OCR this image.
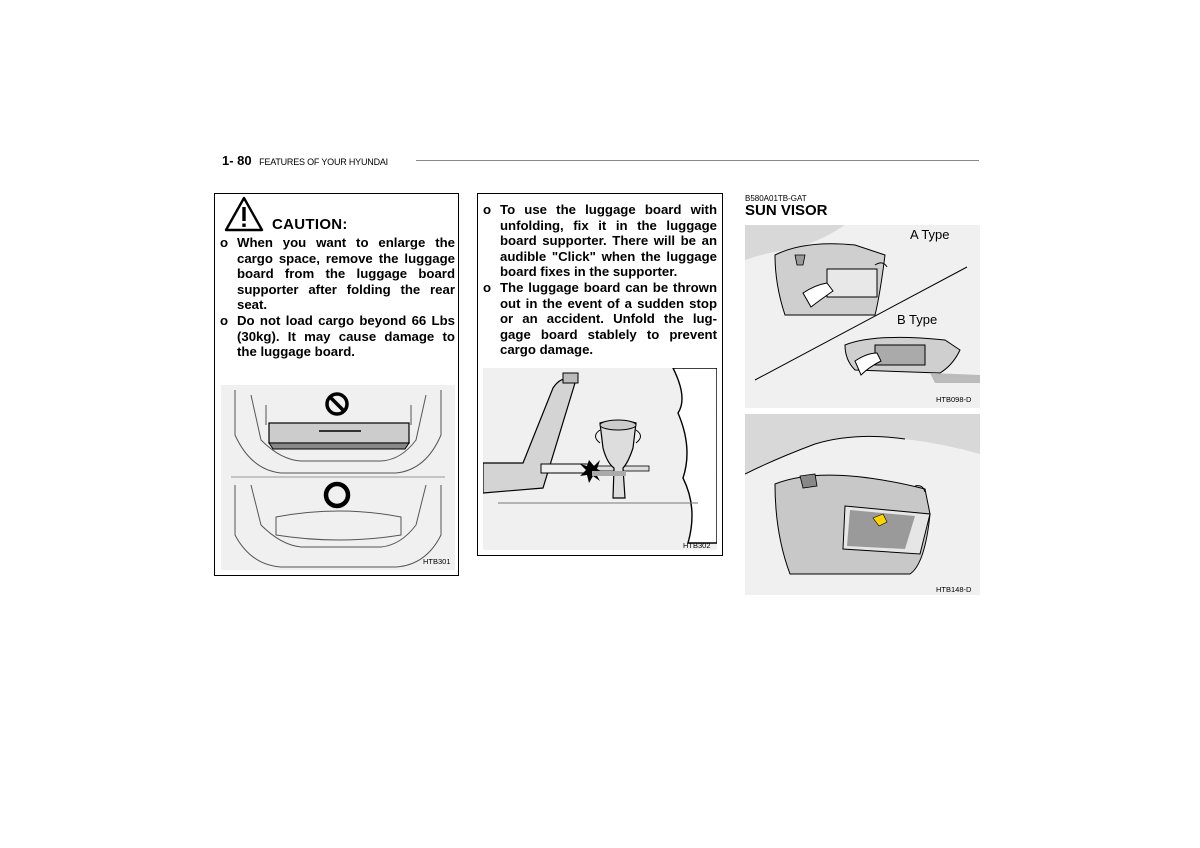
1- 80 FEATURES OF YOUR HYUNDAI
CAUTION:

o When you want to enlarge the cargo space, remove the luggage board from the luggage board supporter after folding the rear seat.

o Do not load cargo beyond 66 Lbs (30kg). It may cause damage to the luggage board.

HTB301

o To use the luggage board with unfolding, fix it in the luggage board supporter. There will be an audible "Click" when the luggage board fixes in the supporter.

o The luggage board can be thrown out in the event of a sudden stop or an accident. Unfold the lug-gage board stablely to prevent cargo damage.

HTB302
B580A01TB-GAT
SUN VISOR
A Type
B Type
HTB098-D
HTB148-D
